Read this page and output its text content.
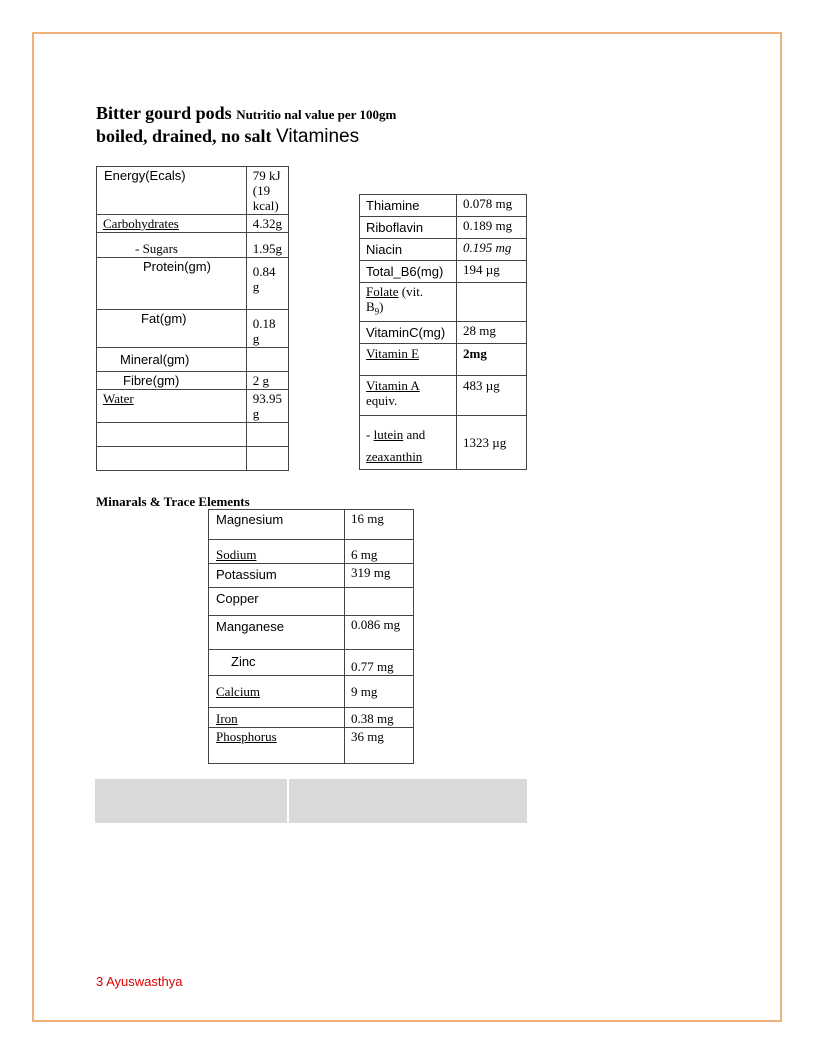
Bitter gourd pods Nutritio nal value per 100gm
boiled, drained, no salt Vitamines
Energy(Ecals)	79 kJ
(19 kcal)
Carbohydrates	4.32g
- Sugars	1.95g
Protein(gm)	0.84 g
Fat(gm)	0.18 g
Mineral(gm)	
Fibre(gm)	2 g
Water	93.95 g

Thiamine	0.078 mg
Riboflavin	0.189 mg
Niacin	0.195 mg
Total_B6(mg)	194 µg
Folate (vit.
$B_9$)	
VitaminC(mg)	28 mg
Vitamin E	2mg
Vitamin A
equiv.	483 µg
- lutein and
zeaxanthin	1323 µg
Minarals & Trace Elements
Magnesium	16 mg
Sodium	6 mg
Potassium	319 mg
Copper	
Manganese	0.086 mg
Zinc	0.77 mg
Calcium	9 mg
Iron	0.38 mg
Phosphorus	36 mg
3 Ayuswasthya
